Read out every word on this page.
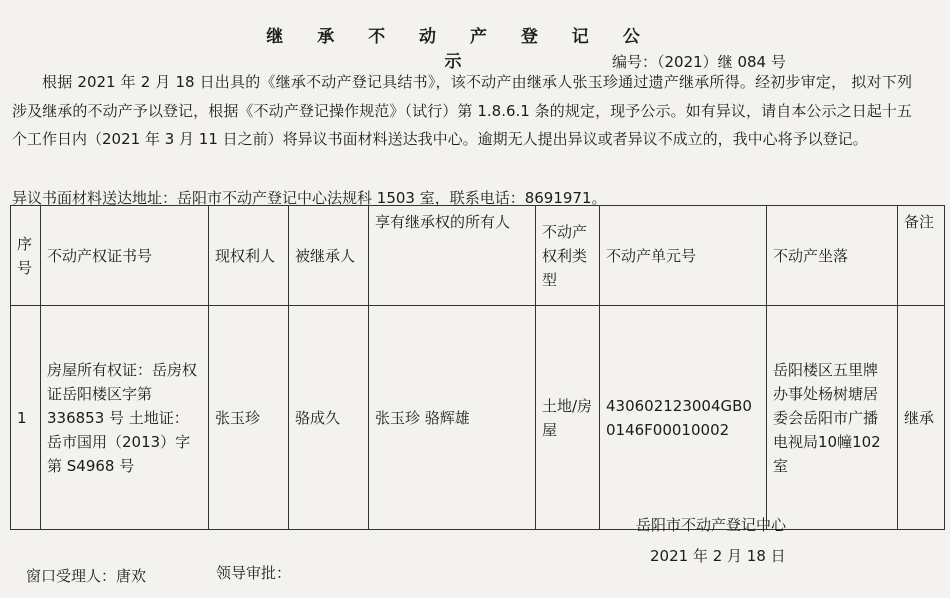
继 承 不 动 产 登 记 公 示	编号：（2021）继 084 号
根据 2021 年 2 月 18 日出具的《继承不动产登记具结书》，该不动产由继承人张玉珍通过遗产继承所得。经初步审定， 拟对下列涉及继承的不动产予以登记，根据《不动产登记操作规范》（试行）第 1.8.6.1 条的规定，现予公示。如有异议，请自本公示之日起十五个工作日内（2021 年 3 月 11 日之前）将异议书面材料送达我中心。逾期无人提出异议或者异议不成立的，我中心将予以登记。
异议书面材料送达地址：岳阳市不动产登记中心法规科 1503 室，联系电话：8691971。
序号	不动产权证书号	现权利人	被继承人	享有继承权的所有人	不动产权利类型	不动产单元号	不动产坐落	备注
1	房屋所有权证：岳房权证岳阳楼区字第 336853 号 土地证： 岳市国用（2013）字第 S4968 号	张玉珍	骆成久	张玉珍 骆辉雄	土地/房屋	430602123004GB00146F00010002	岳阳楼区五里牌办事处杨树塘居委会岳阳市广播电视局10幢102室	继承
岳阳市不动产登记中心
2021 年 2 月 18 日
窗口受理人：唐欢	领导审批：
